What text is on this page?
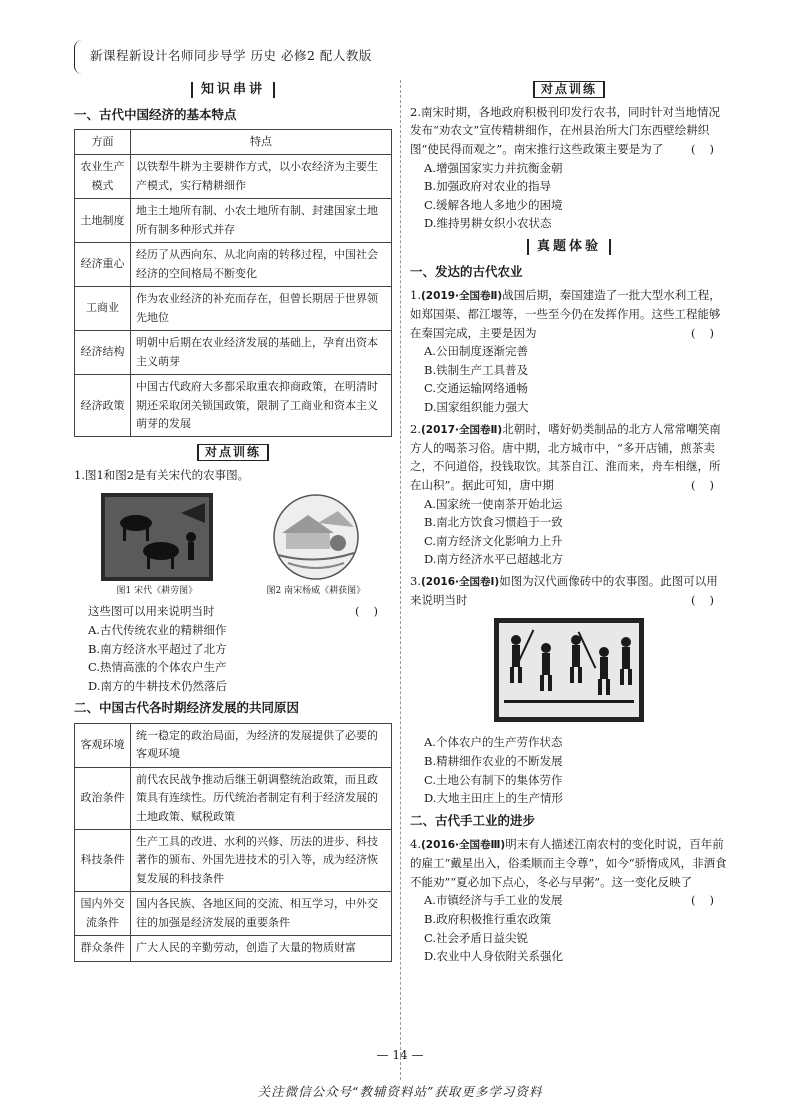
新课程新设计名师同步导学 历史 必修2 配人教版
知识串讲
一、古代中国经济的基本特点
方面	特点
农业生产模式	以铁犁牛耕为主要耕作方式，以小农经济为主要生产模式，实行精耕细作
土地制度	地主土地所有制、小农土地所有制、封建国家土地所有制多种形式并存
经济重心	经历了从西向东、从北向南的转移过程，中国社会经济的空间格局不断变化
工商业	作为农业经济的补充而存在，但曾长期居于世界领先地位
经济结构	明朝中后期在农业经济发展的基础上，孕育出资本主义萌芽
经济政策	中国古代政府大多都采取重农抑商政策，在明清时期还采取闭关锁国政策，限制了工商业和资本主义萌芽的发展
对点训练
1.图1和图2是有关宋代的农事图。
图1 宋代《耕劳图》	图2 南宋杨威《耕获图》
这些图可以用来说明当时	()
A.古代传统农业的精耕细作
B.南方经济水平超过了北方
C.热情高涨的个体农户生产
D.南方的牛耕技术仍然落后
二、中国古代各时期经济发展的共同原因
客观环境	统一稳定的政治局面，为经济的发展提供了必要的客观环境
政治条件	前代农民战争推动后继王朝调整统治政策，而且政策具有连续性。历代统治者制定有利于经济发展的土地政策、赋税政策
科技条件	生产工具的改进、水利的兴修、历法的进步、科技著作的颁布、外国先进技术的引入等，成为经济恢复发展的科技条件
国内外交流条件	国内各民族、各地区间的交流、相互学习，中外交往的加强是经济发展的重要条件
群众条件	广大人民的辛勤劳动，创造了大量的物质财富
对点训练
2.南宋时期，各地政府积极刊印发行农书，同时针对当地情况发布“劝农文”宣传精耕细作，在州县治所大门东西壁绘耕织图“使民得而观之”。南宋推行这些政策主要是为了 ()
A.增强国家实力并抗衡金朝
B.加强政府对农业的指导
C.缓解各地人多地少的困境
D.维持男耕女织小农状态
真题体验
一、发达的古代农业
1.(2019·全国卷Ⅱ)战国后期，秦国建造了一批大型水利工程，如郑国渠、都江堰等，一些至今仍在发挥作用。这些工程能够在秦国完成，主要是因为	()
A.公田制度逐渐完善
B.铁制生产工具普及
C.交通运输网络通畅
D.国家组织能力强大
2.(2017·全国卷Ⅱ)北朝时，嗜好奶类制品的北方人常常嘲笑南方人的喝茶习俗。唐中期，北方城市中，“多开店铺，煎茶卖之，不问道俗，投钱取饮。其茶自江、淮而来，舟车相继，所在山积”。据此可知，唐中期	()
A.国家统一使南茶开始北运
B.南北方饮食习惯趋于一致
C.南方经济文化影响力上升
D.南方经济水平已超越北方
3.(2016·全国卷Ⅰ)如图为汉代画像砖中的农事图。此图可以用来说明当时	()
A.个体农户的生产劳作状态
B.精耕细作农业的不断发展
C.土地公有制下的集体劳作
D.大地主田庄上的生产情形
二、古代手工业的进步
4.(2016·全国卷Ⅲ)明末有人描述江南农村的变化时说，百年前的雇工“戴星出入，俗柔顺而主令尊”，如今“骄惰成风，非酒食不能劝”“夏必加下点心，冬必与早粥”。这一变化反映了
()
A.市镇经济与手工业的发展
B.政府积极推行重农政策
C.社会矛盾日益尖锐
D.农业中人身依附关系强化
— 14 —
关注微信公众号“教辅资料站”获取更多学习资料
